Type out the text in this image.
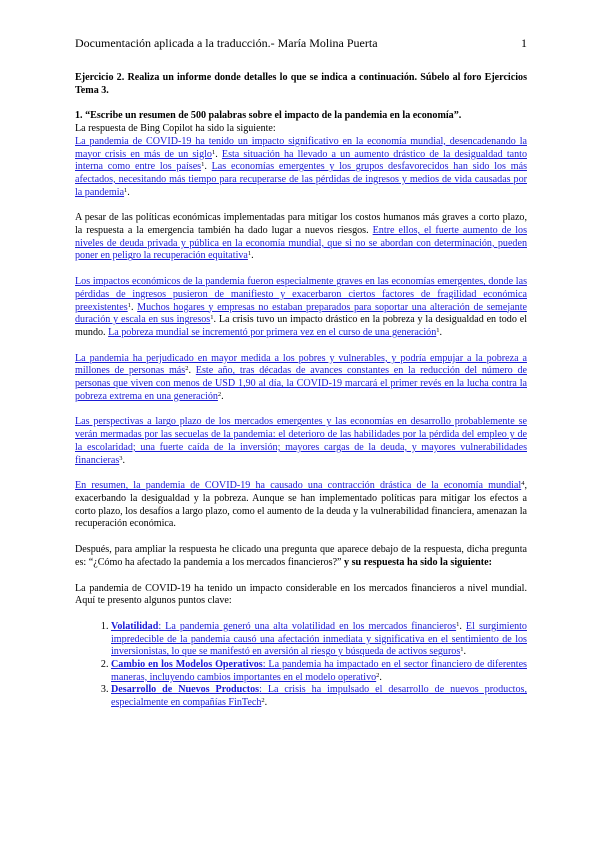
Documentación aplicada a la traducción.- María Molina Puerta	1

Ejercicio 2. Realiza un informe donde detalles lo que se indica a continuación. Súbelo al foro Ejercicios Tema 3.

1. “Escribe un resumen de 500 palabras sobre el impacto de la pandemia en la economía”.

La respuesta de Bing Copilot ha sido la siguiente:

La pandemia de COVID-19 ha tenido un impacto significativo en la economía mundial, desencadenando la mayor crisis en más de un siglo$^1$. Esta situación ha llevado a un aumento drástico de la desigualdad tanto interna como entre los países$^1$. Las economías emergentes y los grupos desfavorecidos han sido los más afectados, necesitando más tiempo para recuperarse de las pérdidas de ingresos y medios de vida causadas por la pandemia$^1$.

A pesar de las políticas económicas implementadas para mitigar los costos humanos más graves a corto plazo, la respuesta a la emergencia también ha dado lugar a nuevos riesgos. Entre ellos, el fuerte aumento de los niveles de deuda privada y pública en la economía mundial, que si no se abordan con determinación, pueden poner en peligro la recuperación equitativa$^1$.

Los impactos económicos de la pandemia fueron especialmente graves en las economías emergentes, donde las pérdidas de ingresos pusieron de manifiesto y exacerbaron ciertos factores de fragilidad económica preexistentes$^1$. Muchos hogares y empresas no estaban preparados para soportar una alteración de semejante duración y escala en sus ingresos$^1$. La crisis tuvo un impacto drástico en la pobreza y la desigualdad en todo el mundo. La pobreza mundial se incrementó por primera vez en el curso de una generación$^1$.

La pandemia ha perjudicado en mayor medida a los pobres y vulnerables, y podría empujar a la pobreza a millones de personas más$^2$. Este año, tras décadas de avances constantes en la reducción del número de personas que viven con menos de USD 1,90 al día, la COVID-19 marcará el primer revés en la lucha contra la pobreza extrema en una generación$^2$.

Las perspectivas a largo plazo de los mercados emergentes y las economías en desarrollo probablemente se verán mermadas por las secuelas de la pandemia: el deterioro de las habilidades por la pérdida del empleo y de la escolaridad; una fuerte caída de la inversión; mayores cargas de la deuda, y mayores vulnerabilidades financieras$^3$.

En resumen, la pandemia de COVID-19 ha causado una contracción drástica de la economía mundial$^4$, exacerbando la desigualdad y la pobreza. Aunque se han implementado políticas para mitigar los efectos a corto plazo, los desafíos a largo plazo, como el aumento de la deuda y la vulnerabilidad financiera, amenazan la recuperación económica.

Después, para ampliar la respuesta he clicado una pregunta que aparece debajo de la respuesta, dicha pregunta es: “¿Cómo ha afectado la pandemia a los mercados financieros?” y su respuesta ha sido la siguiente:

La pandemia de COVID-19 ha tenido un impacto considerable en los mercados financieros a nivel mundial. Aquí te presento algunos puntos clave:

1. Volatilidad: La pandemia generó una alta volatilidad en los mercados financieros$^1$. El surgimiento impredecible de la pandemia causó una afectación inmediata y significativa en el sentimiento de los inversionistas, lo que se manifestó en aversión al riesgo y búsqueda de activos seguros$^1$.
2. Cambio en los Modelos Operativos: La pandemia ha impactado en el sector financiero de diferentes maneras, incluyendo cambios importantes en el modelo operativo$^2$.
3. Desarrollo de Nuevos Productos: La crisis ha impulsado el desarrollo de nuevos productos, especialmente en compañías FinTech$^2$.
